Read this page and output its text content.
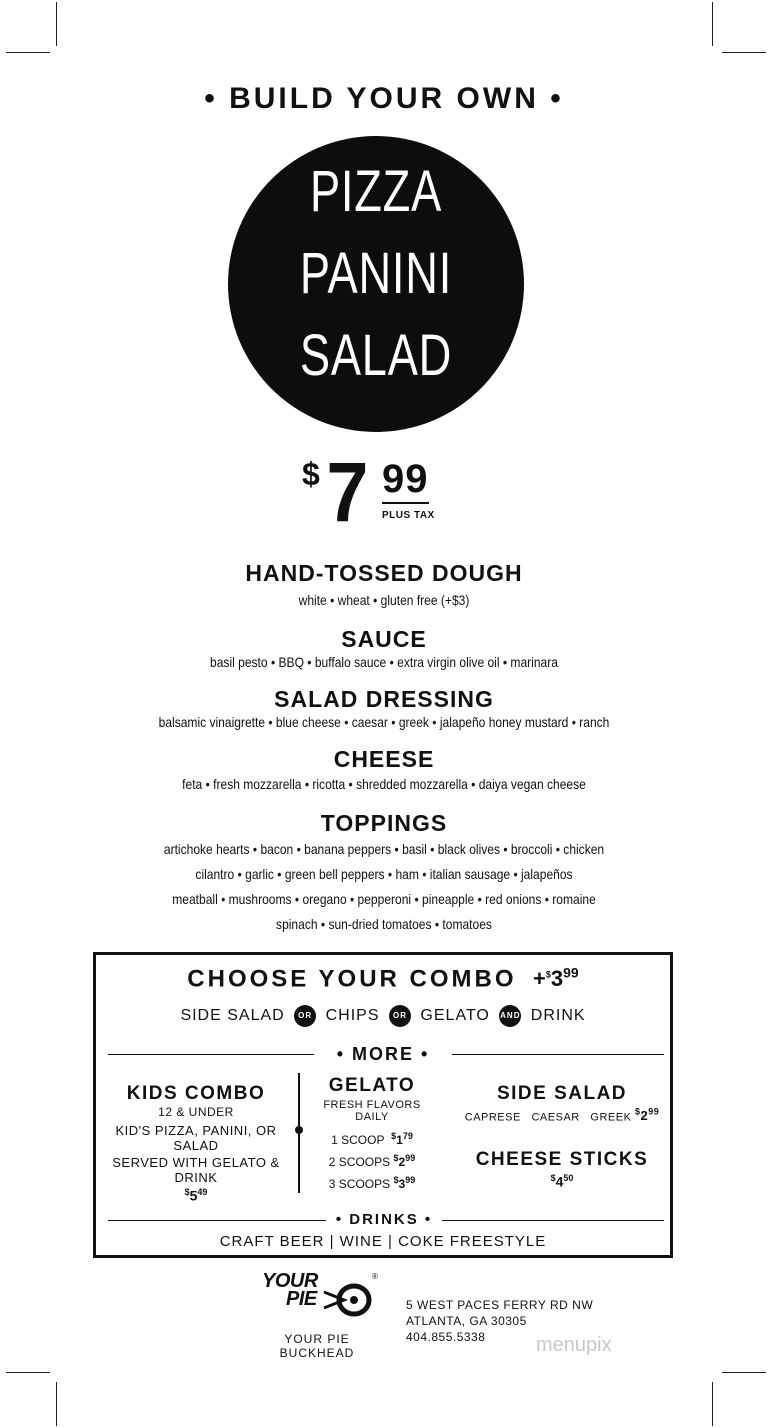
• BUILD YOUR OWN •
PIZZA
PANINI
SALAD
$ 7 99
PLUS TAX
HAND-TOSSED DOUGH
white • wheat • gluten free (+$3)
SAUCE
basil pesto • BBQ • buffalo sauce • extra virgin olive oil • marinara
SALAD DRESSING
balsamic vinaigrette • blue cheese • caesar • greek • jalapeño honey mustard • ranch
CHEESE
feta • fresh mozzarella • ricotta • shredded mozzarella • daiya vegan cheese
TOPPINGS
artichoke hearts • bacon • banana peppers • basil • black olives • broccoli • chicken
cilantro • garlic • green bell peppers • ham • italian sausage • jalapeños
meatball • mushrooms • oregano • pepperoni • pineapple • red onions • romaine
spinach • sun-dried tomatoes • tomatoes
CHOOSE YOUR COMBO $+^{\$}3^{99}$
SIDE SALAD OR CHIPS OR GELATO AND DRINK
• MORE •
KIDS COMBO
12 & UNDER
KID'S PIZZA, PANINI, OR SALAD
SERVED WITH GELATO & DRINK
$^{\$}5^{49}$
GELATO
FRESH FLAVORS DAILY
1 SCOOP $^{\$}1^{79}$
2 SCOOPS $^{\$}2^{99}$
3 SCOOPS $^{\$}3^{99}$
SIDE SALAD
CAPRESE   CAESAR   GREEK $^{\$}2^{99}$
CHEESE STICKS
$^{\$}4^{50}$
• DRINKS •
CRAFT BEER | WINE | COKE FREESTYLE
YOUR
PIE
®
YOUR PIE BUCKHEAD
5 WEST PACES FERRY RD NW
ATLANTA, GA 30305
404.855.5338	menupix
